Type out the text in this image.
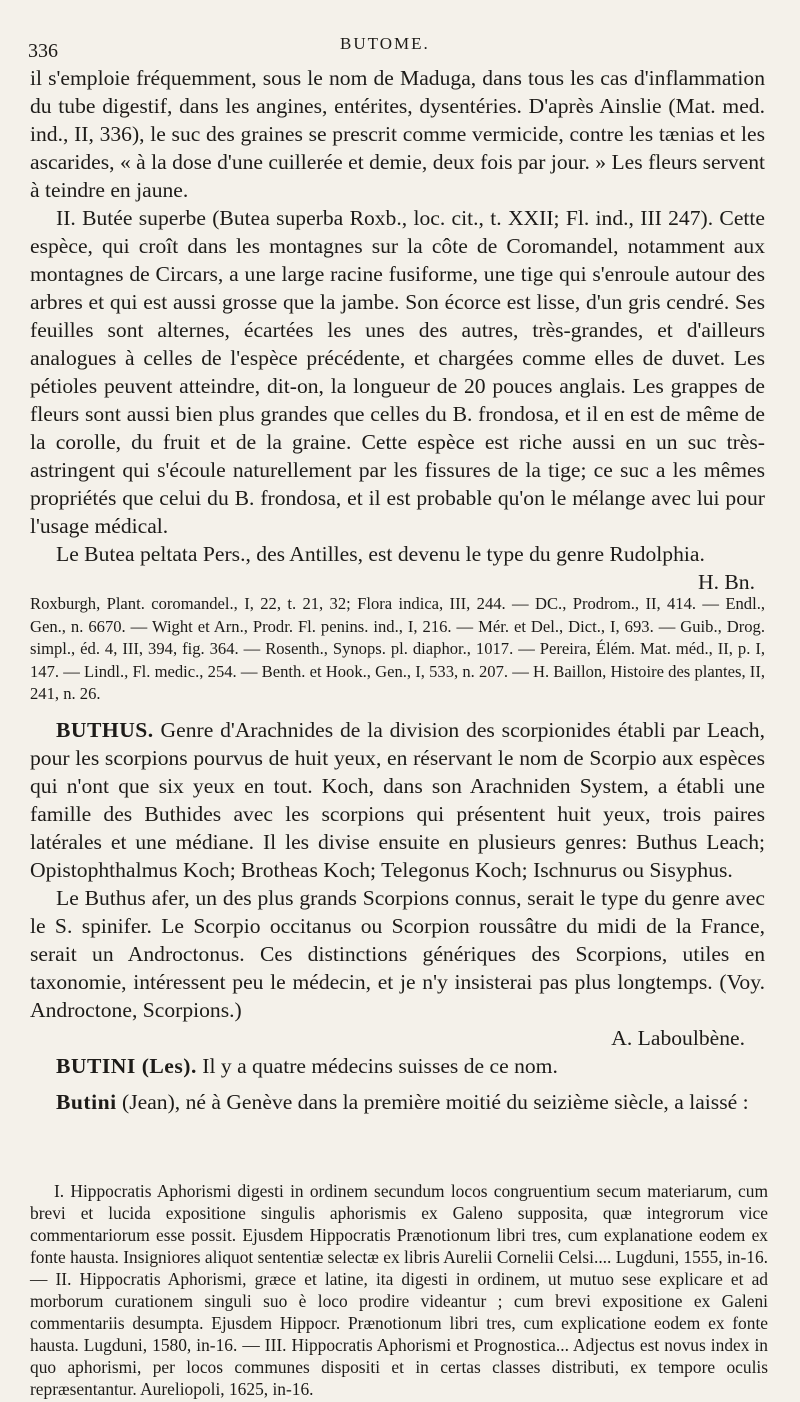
336	BUTOME.

il s'emploie fréquemment, sous le nom de Maduga, dans tous les cas d'inflammation du tube digestif, dans les angines, entérites, dysentéries. D'après Ainslie (Mat. med. ind., II, 336), le suc des graines se prescrit comme vermicide, contre les tænias et les ascarides, « à la dose d'une cuillerée et demie, deux fois par jour. » Les fleurs servent à teindre en jaune.

II. Butée superbe (Butea superba Roxb., loc. cit., t. XXII; Fl. ind., III 247). Cette espèce, qui croît dans les montagnes sur la côte de Coromandel, notamment aux montagnes de Circars, a une large racine fusiforme, une tige qui s'enroule autour des arbres et qui est aussi grosse que la jambe. Son écorce est lisse, d'un gris cendré. Ses feuilles sont alternes, écartées les unes des autres, très-grandes, et d'ailleurs analogues à celles de l'espèce précédente, et chargées comme elles de duvet. Les pétioles peuvent atteindre, dit-on, la longueur de 20 pouces anglais. Les grappes de fleurs sont aussi bien plus grandes que celles du B. frondosa, et il en est de même de la corolle, du fruit et de la graine. Cette espèce est riche aussi en un suc très-astringent qui s'écoule naturellement par les fissures de la tige; ce suc a les mêmes propriétés que celui du B. frondosa, et il est probable qu'on le mélange avec lui pour l'usage médical.

Le Butea peltata Pers., des Antilles, est devenu le type du genre Rudolphia.

H. Bn.

Roxburgh, Plant. coromandel., I, 22, t. 21, 32; Flora indica, III, 244. — DC., Prodrom., II, 414. — Endl., Gen., n. 6670. — Wight et Arn., Prodr. Fl. penins. ind., I, 216. — Mér. et Del., Dict., I, 693. — Guib., Drog. simpl., éd. 4, III, 394, fig. 364. — Rosenth., Synops. pl. diaphor., 1017. — Pereira, Élém. Mat. méd., II, p. I, 147. — Lindl., Fl. medic., 254. — Benth. et Hook., Gen., I, 533, n. 207. — H. Baillon, Histoire des plantes, II, 241, n. 26.

BUTHUS. Genre d'Arachnides de la division des scorpionides établi par Leach, pour les scorpions pourvus de huit yeux, en réservant le nom de Scorpio aux espèces qui n'ont que six yeux en tout. Koch, dans son Arachniden System, a établi une famille des Buthides avec les scorpions qui présentent huit yeux, trois paires latérales et une médiane. Il les divise ensuite en plusieurs genres: Buthus Leach; Opistophthalmus Koch; Brotheas Koch; Telegonus Koch; Ischnurus ou Sisyphus.

Le Buthus afer, un des plus grands Scorpions connus, serait le type du genre avec le S. spinifer. Le Scorpio occitanus ou Scorpion roussâtre du midi de la France, serait un Androctonus. Ces distinctions génériques des Scorpions, utiles en taxonomie, intéressent peu le médecin, et je n'y insisterai pas plus longtemps. (Voy. Androctone, Scorpions.)

A. Laboulbène.

BUTINI (Les). Il y a quatre médecins suisses de ce nom.

Butini (Jean), né à Genève dans la première moitié du seizième siècle, a laissé :

I. Hippocratis Aphorismi digesti in ordinem secundum locos congruentium secum materiarum, cum brevi et lucida expositione singulis aphorismis ex Galeno supposita, quæ integrorum vice commentariorum esse possit. Ejusdem Hippocratis Prænotionum libri tres, cum explanatione eodem ex fonte hausta. Insigniores aliquot sententiæ selectæ ex libris Aurelii Cornelii Celsi.... Lugduni, 1555, in-16. — II. Hippocratis Aphorismi, græce et latine, ita digesti in ordinem, ut mutuo sese explicare et ad morborum curationem singuli suo è loco prodire videantur ; cum brevi expositione ex Galeni commentariis desumpta. Ejusdem Hippocr. Prænotionum libri tres, cum explicatione eodem ex fonte hausta. Lugduni, 1580, in-16. — III. Hippocratis Aphorismi et Prognostica... Adjectus est novus index in quo aphorismi, per locos communes dispositi et in certas classes distributi, ex tempore oculis repræsentantur. Aureliopoli, 1625, in-16.
